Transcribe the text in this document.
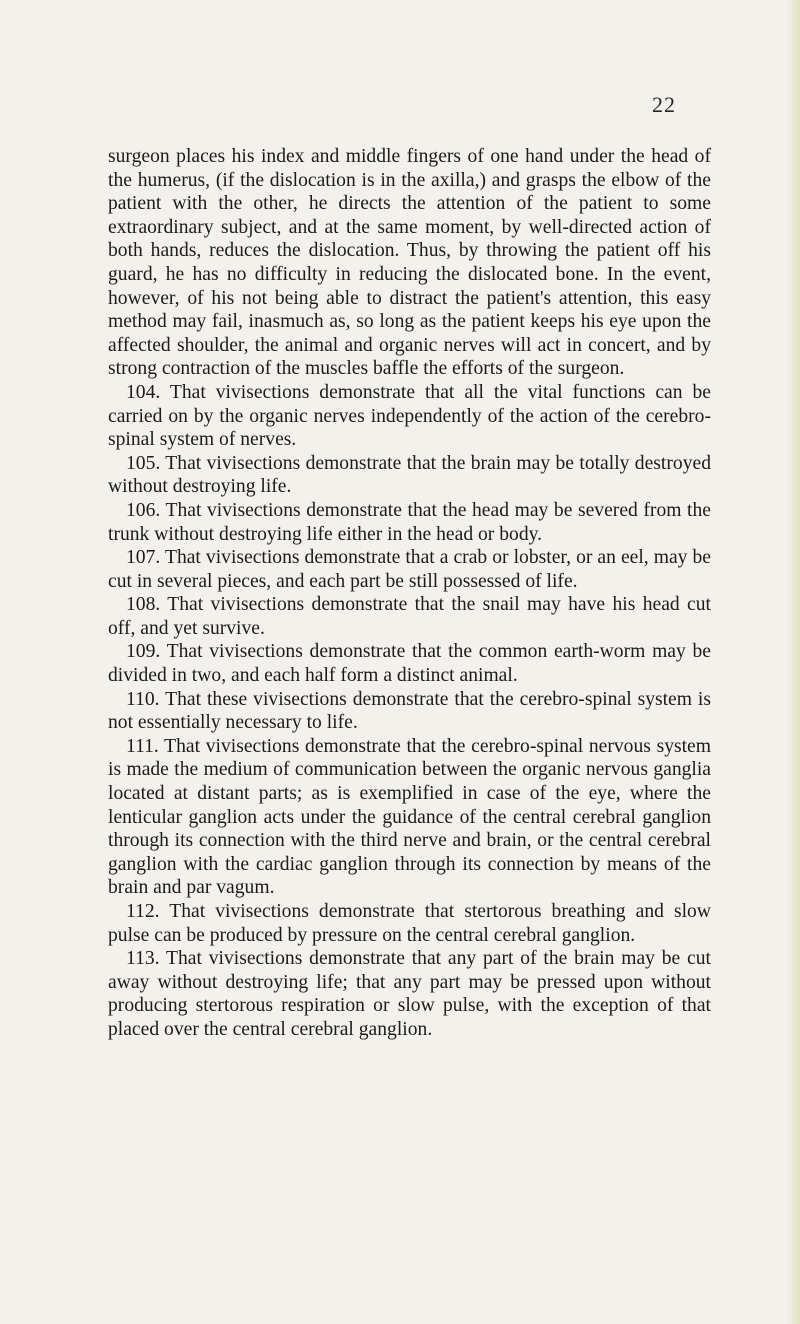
22

surgeon places his index and middle fingers of one hand under the head of the humerus, (if the dislocation is in the axilla,) and grasps the elbow of the patient with the other, he directs the attention of the patient to some extraordinary subject, and at the same moment, by well-directed action of both hands, reduces the dislocation. Thus, by throwing the patient off his guard, he has no difficulty in reducing the dislocated bone. In the event, however, of his not being able to distract the patient's attention, this easy method may fail, inasmuch as, so long as the patient keeps his eye upon the affected shoulder, the animal and organic nerves will act in concert, and by strong contraction of the muscles baffle the efforts of the surgeon.

104. That vivisections demonstrate that all the vital functions can be carried on by the organic nerves independently of the action of the cerebro-spinal system of nerves.

105. That vivisections demonstrate that the brain may be totally destroyed without destroying life.

106. That vivisections demonstrate that the head may be severed from the trunk without destroying life either in the head or body.

107. That vivisections demonstrate that a crab or lobster, or an eel, may be cut in several pieces, and each part be still possessed of life.

108. That vivisections demonstrate that the snail may have his head cut off, and yet survive.

109. That vivisections demonstrate that the common earth-worm may be divided in two, and each half form a distinct animal.

110. That these vivisections demonstrate that the cerebro-spinal system is not essentially necessary to life.

111. That vivisections demonstrate that the cerebro-spinal nervous system is made the medium of communication between the organic nervous ganglia located at distant parts; as is exemplified in case of the eye, where the lenticular ganglion acts under the guidance of the central cerebral ganglion through its connection with the third nerve and brain, or the central cerebral ganglion with the cardiac ganglion through its connection by means of the brain and par vagum.

112. That vivisections demonstrate that stertorous breathing and slow pulse can be produced by pressure on the central cerebral ganglion.

113. That vivisections demonstrate that any part of the brain may be cut away without destroying life; that any part may be pressed upon without producing stertorous respiration or slow pulse, with the exception of that placed over the central cerebral ganglion.
